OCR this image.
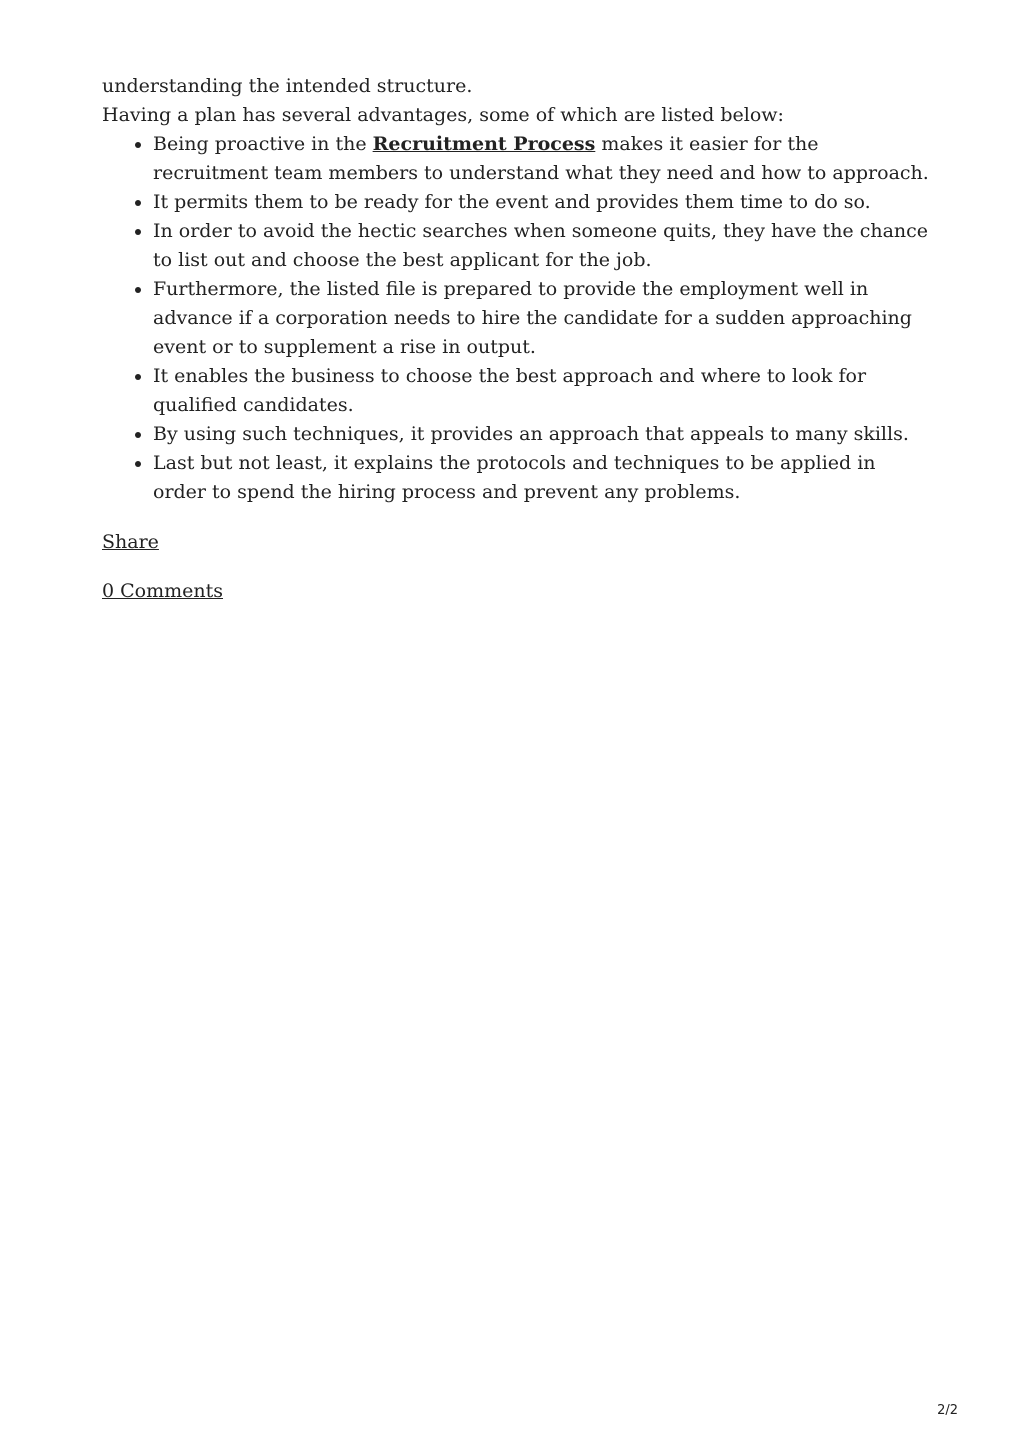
understanding the intended structure.

Having a plan has several advantages, some of which are listed below:

• Being proactive in the Recruitment Process makes it easier for the recruitment team members to understand what they need and how to approach.
• It permits them to be ready for the event and provides them time to do so.
• In order to avoid the hectic searches when someone quits, they have the chance to list out and choose the best applicant for the job.
• Furthermore, the listed file is prepared to provide the employment well in advance if a corporation needs to hire the candidate for a sudden approaching event or to supplement a rise in output.
• It enables the business to choose the best approach and where to look for qualified candidates.
• By using such techniques, it provides an approach that appeals to many skills.
• Last but not least, it explains the protocols and techniques to be applied in order to spend the hiring process and prevent any problems.

Share

0 Comments

2/2
